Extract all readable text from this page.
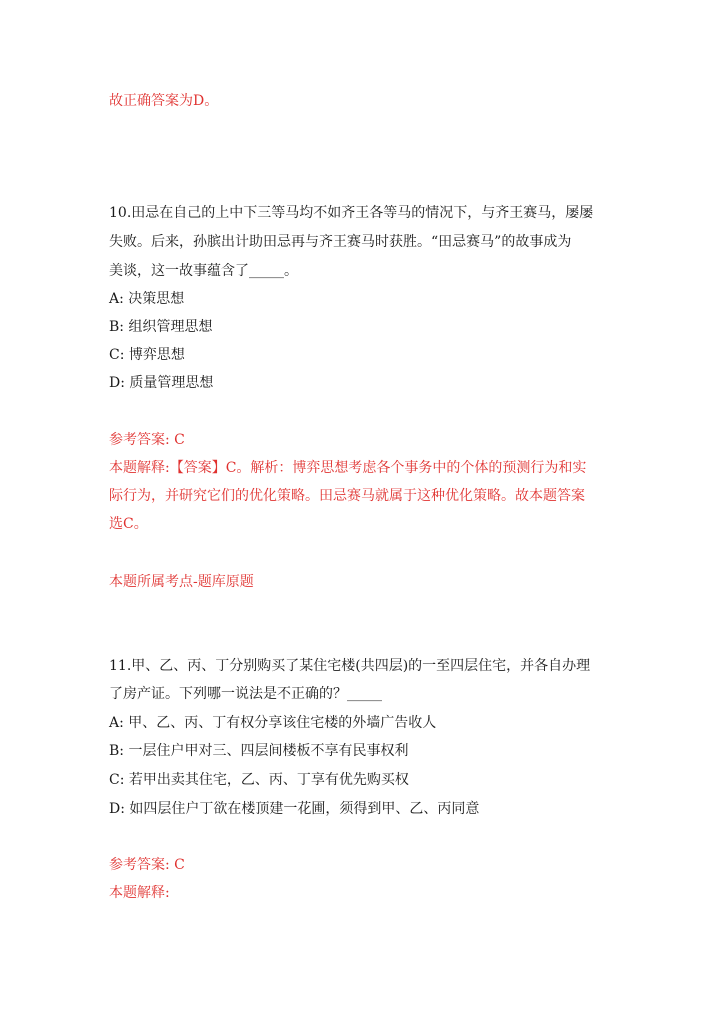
故正确答案为D。
10.田忌在自己的上中下三等马均不如齐王各等马的情况下，与齐王赛马，屡屡
失败。后来，孙膑出计助田忌再与齐王赛马时获胜。“田忌赛马”的故事成为
美谈，这一故事蕴含了_____。
A: 决策思想
B: 组织管理思想
C: 博弈思想
D: 质量管理思想
参考答案: C
本题解释:【答案】C。解析：博弈思想考虑各个事务中的个体的预测行为和实
际行为，并研究它们的优化策略。田忌赛马就属于这种优化策略。故本题答案
选C。
本题所属考点-题库原题
11.甲、乙、丙、丁分别购买了某住宅楼(共四层)的一至四层住宅，并各自办理
了房产证。下列哪一说法是不正确的？_____
A: 甲、乙、丙、丁有权分享该住宅楼的外墙广告收人
B: 一层住户甲对三、四层间楼板不享有民事权利
C: 若甲出卖其住宅，乙、丙、丁享有优先购买权
D: 如四层住户丁欲在楼顶建一花圃，须得到甲、乙、丙同意
参考答案: C
本题解释:
